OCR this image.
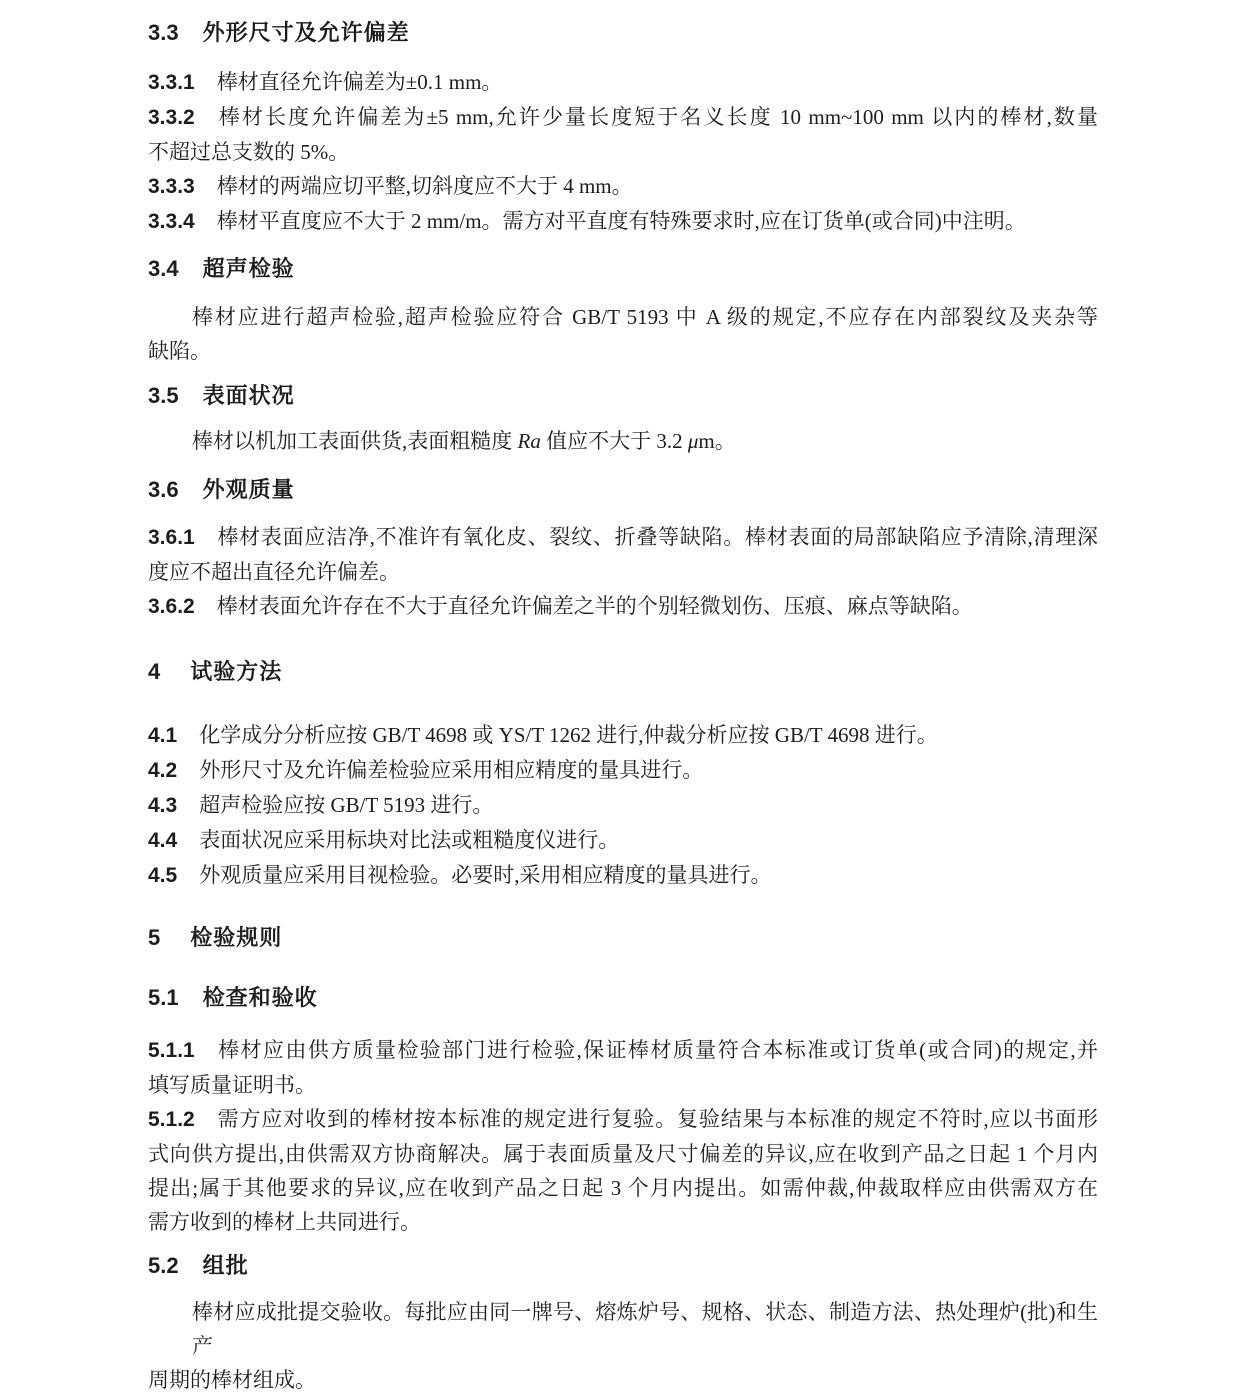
3.3 外形尺寸及允许偏差
3.3.1 棒材直径允许偏差为±0.1 mm。
3.3.2 棒材长度允许偏差为±5 mm,允许少量长度短于名义长度 10 mm~100 mm 以内的棒材,数量
不超过总支数的 5%。
3.3.3 棒材的两端应切平整,切斜度应不大于 4 mm。
3.3.4 棒材平直度应不大于 2 mm/m。需方对平直度有特殊要求时,应在订货单(或合同)中注明。
3.4 超声检验
棒材应进行超声检验,超声检验应符合 GB/T 5193 中 A 级的规定,不应存在内部裂纹及夹杂等
缺陷。
3.5 表面状况
棒材以机加工表面供货,表面粗糙度 Ra 值应不大于 3.2 μm。
3.6 外观质量
3.6.1 棒材表面应洁净,不准许有氧化皮、裂纹、折叠等缺陷。棒材表面的局部缺陷应予清除,清理深
度应不超出直径允许偏差。
3.6.2 棒材表面允许存在不大于直径允许偏差之半的个别轻微划伤、压痕、麻点等缺陷。
4 试验方法
4.1 化学成分分析应按 GB/T 4698 或 YS/T 1262 进行,仲裁分析应按 GB/T 4698 进行。
4.2 外形尺寸及允许偏差检验应采用相应精度的量具进行。
4.3 超声检验应按 GB/T 5193 进行。
4.4 表面状况应采用标块对比法或粗糙度仪进行。
4.5 外观质量应采用目视检验。必要时,采用相应精度的量具进行。
5 检验规则
5.1 检查和验收
5.1.1 棒材应由供方质量检验部门进行检验,保证棒材质量符合本标准或订货单(或合同)的规定,并
填写质量证明书。
5.1.2 需方应对收到的棒材按本标准的规定进行复验。复验结果与本标准的规定不符时,应以书面形
式向供方提出,由供需双方协商解决。属于表面质量及尺寸偏差的异议,应在收到产品之日起 1 个月内
提出;属于其他要求的异议,应在收到产品之日起 3 个月内提出。如需仲裁,仲裁取样应由供需双方在
需方收到的棒材上共同进行。
5.2 组批
棒材应成批提交验收。每批应由同一牌号、熔炼炉号、规格、状态、制造方法、热处理炉(批)和生产
周期的棒材组成。
